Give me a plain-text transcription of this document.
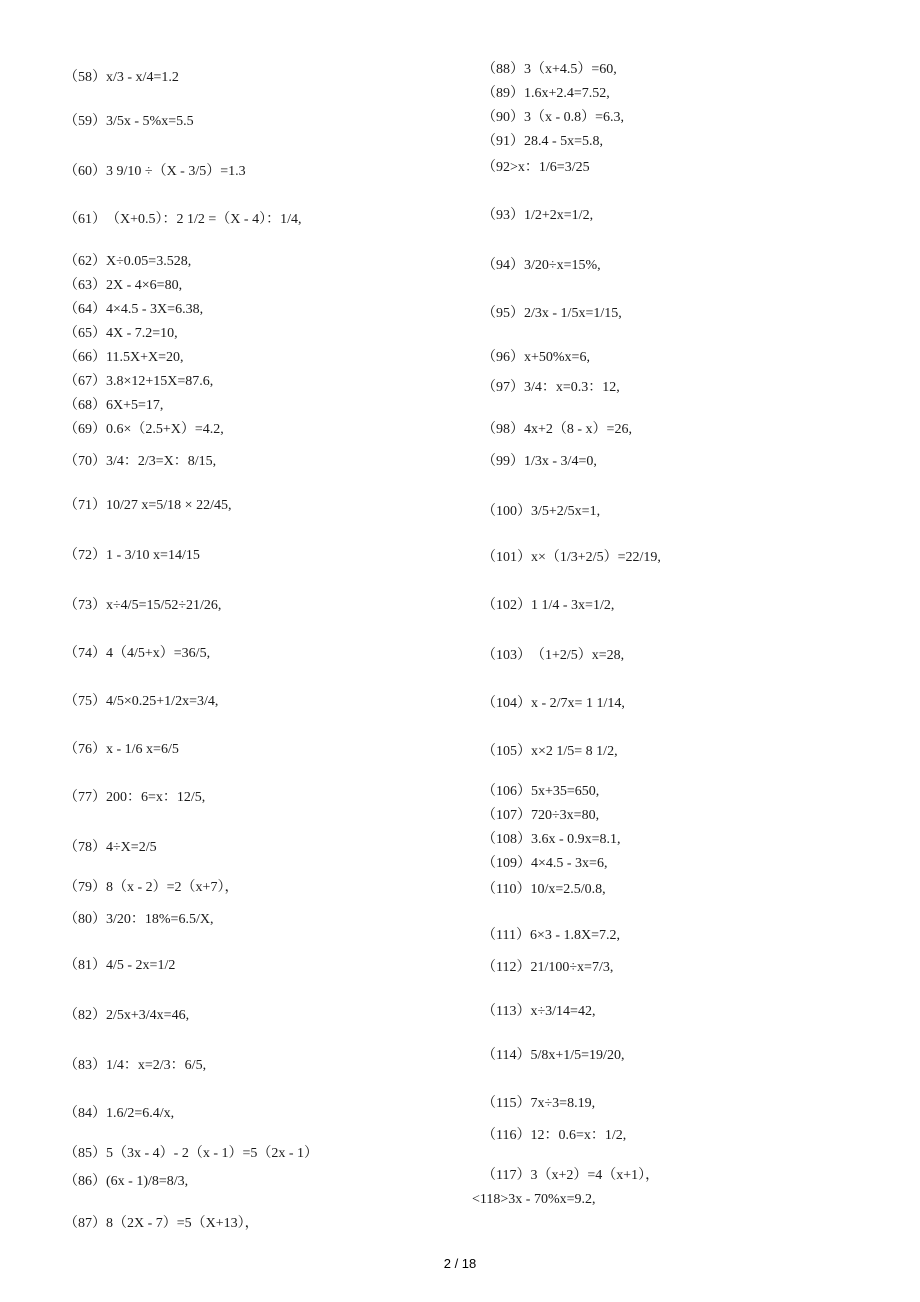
（58）x/3 - x/4=1.2
（59）3/5x - 5%x=5.5
（60）3 9/10 ÷（X - 3/5）=1.3
（61）（X+0.5）：2 1/2 =（X - 4）：1/4,
（62）X÷0.05=3.528,
（63）2X - 4×6=80,
（64）4×4.5 - 3X=6.38,
（65）4X - 7.2=10,
（66）11.5X+X=20,
（67）3.8×12+15X=87.6,
（68）6X+5=17,
（69）0.6×（2.5+X）=4.2,
（70）3/4：2/3=X：8/15,
（71）10/27 x=5/18 × 22/45,
（72）1 - 3/10 x=14/15
（73）x÷4/5=15/52÷21/26,
（74）4（4/5+x）=36/5,
（75）4/5×0.25+1/2x=3/4,
（76）x - 1/6 x=6/5
（77）200：6=x：12/5,
（78）4÷X=2/5
（79）8（x - 2）=2（x+7），
（80）3/20：18%=6.5/X,
（81）4/5 - 2x=1/2
（82）2/5x+3/4x=46,
（83）1/4：x=2/3：6/5,
（84）1.6/2=6.4/x,
（85）5（3x - 4）- 2（x - 1）=5（2x - 1）
（86）(6x - 1)/8=8/3,
（87）8（2X - 7）=5（X+13），
（88）3（x+4.5）=60,
（89）1.6x+2.4=7.52,
（90）3（x - 0.8）=6.3,
（91）28.4 - 5x=5.8,
（92>x：1/6=3/25
（93）1/2+2x=1/2,
（94）3/20÷x=15%,
（95）2/3x - 1/5x=1/15,
（96）x+50%x=6,
（97）3/4：x=0.3：12,
（98）4x+2（8 - x）=26,
（99）1/3x - 3/4=0,
（100）3/5+2/5x=1,
（101）x×（1/3+2/5）=22/19,
（102）1 1/4 - 3x=1/2,
（103）（1+2/5）x=28,
（104）x - 2/7x= 1 1/14,
（105）x×2 1/5= 8 1/2,
（106）5x+35=650,
（107）720÷3x=80,
（108）3.6x - 0.9x=8.1,
（109）4×4.5 - 3x=6,
（110）10/x=2.5/0.8,
（111）6×3 - 1.8X=7.2,
（112）21/100÷x=7/3,
（113）x÷3/14=42,
（114）5/8x+1/5=19/20,
（115）7x÷3=8.19,
（116）12：0.6=x：1/2,
（117）3（x+2）=4（x+1），
<118>3x - 70%x=9.2,
2 / 18
